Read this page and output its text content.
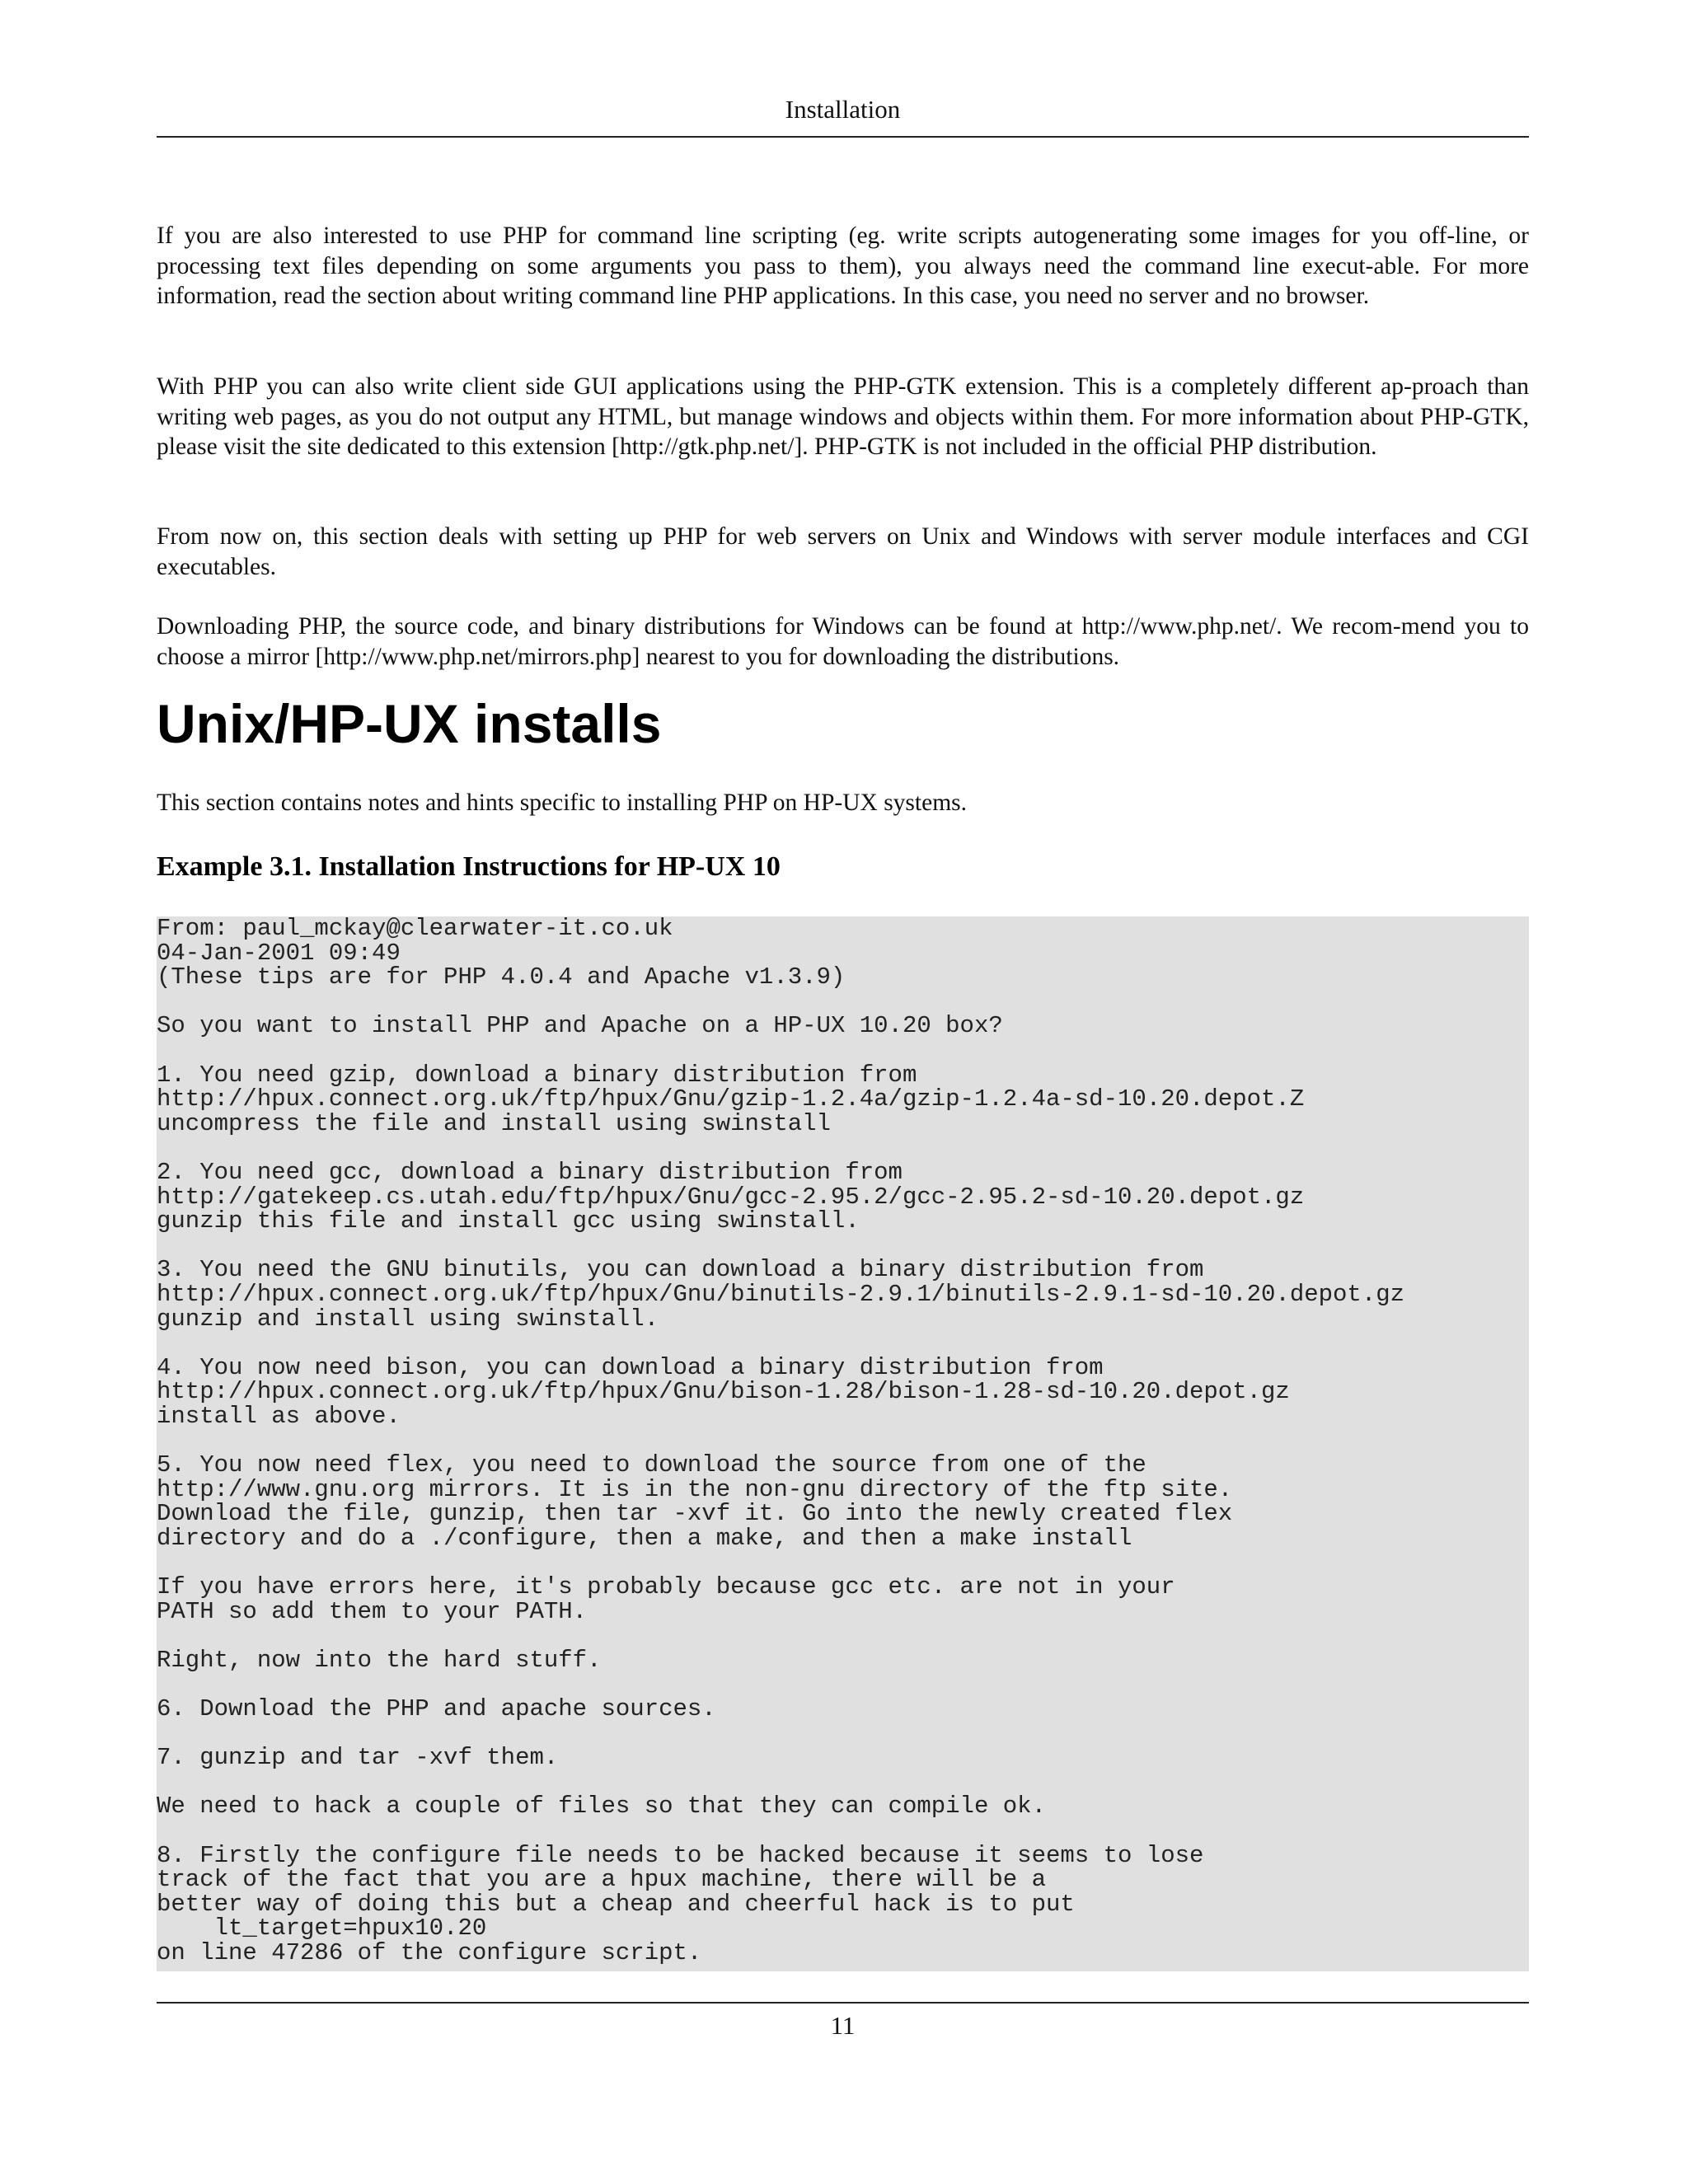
Installation

If you are also interested to use PHP for command line scripting (eg. write scripts autogenerating some images for you off-line, or processing text files depending on some arguments you pass to them), you always need the command line execut-able. For more information, read the section about writing command line PHP applications. In this case, you need no server and no browser.

With PHP you can also write client side GUI applications using the PHP-GTK extension. This is a completely different ap-proach than writing web pages, as you do not output any HTML, but manage windows and objects within them. For more information about PHP-GTK, please visit the site dedicated to this extension [http://gtk.php.net/]. PHP-GTK is not included in the official PHP distribution.

From now on, this section deals with setting up PHP for web servers on Unix and Windows with server module interfaces and CGI executables.

Downloading PHP, the source code, and binary distributions for Windows can be found at http://www.php.net/. We recom-mend you to choose a mirror [http://www.php.net/mirrors.php] nearest to you for downloading the distributions.

Unix/HP-UX installs

This section contains notes and hints specific to installing PHP on HP-UX systems.

Example 3.1. Installation Instructions for HP-UX 10
From: paul_mckay@clearwater-it.co.uk
04-Jan-2001 09:49
(These tips are for PHP 4.0.4 and Apache v1.3.9)

So you want to install PHP and Apache on a HP-UX 10.20 box?

1. You need gzip, download a binary distribution from
http://hpux.connect.org.uk/ftp/hpux/Gnu/gzip-1.2.4a/gzip-1.2.4a-sd-10.20.depot.Z
uncompress the file and install using swinstall

2. You need gcc, download a binary distribution from
http://gatekeep.cs.utah.edu/ftp/hpux/Gnu/gcc-2.95.2/gcc-2.95.2-sd-10.20.depot.gz
gunzip this file and install gcc using swinstall.

3. You need the GNU binutils, you can download a binary distribution from
http://hpux.connect.org.uk/ftp/hpux/Gnu/binutils-2.9.1/binutils-2.9.1-sd-10.20.depot.gz
gunzip and install using swinstall.

4. You now need bison, you can download a binary distribution from
http://hpux.connect.org.uk/ftp/hpux/Gnu/bison-1.28/bison-1.28-sd-10.20.depot.gz
install as above.

5. You now need flex, you need to download the source from one of the
http://www.gnu.org mirrors. It is in the non-gnu directory of the ftp site.
Download the file, gunzip, then tar -xvf it. Go into the newly created flex
directory and do a ./configure, then a make, and then a make install

If you have errors here, it's probably because gcc etc. are not in your
PATH so add them to your PATH.

Right, now into the hard stuff.

6. Download the PHP and apache sources.

7. gunzip and tar -xvf them.

We need to hack a couple of files so that they can compile ok.

8. Firstly the configure file needs to be hacked because it seems to lose
track of the fact that you are a hpux machine, there will be a
better way of doing this but a cheap and cheerful hack is to put
lt_target=hpux10.20
on line 47286 of the configure script.
11
